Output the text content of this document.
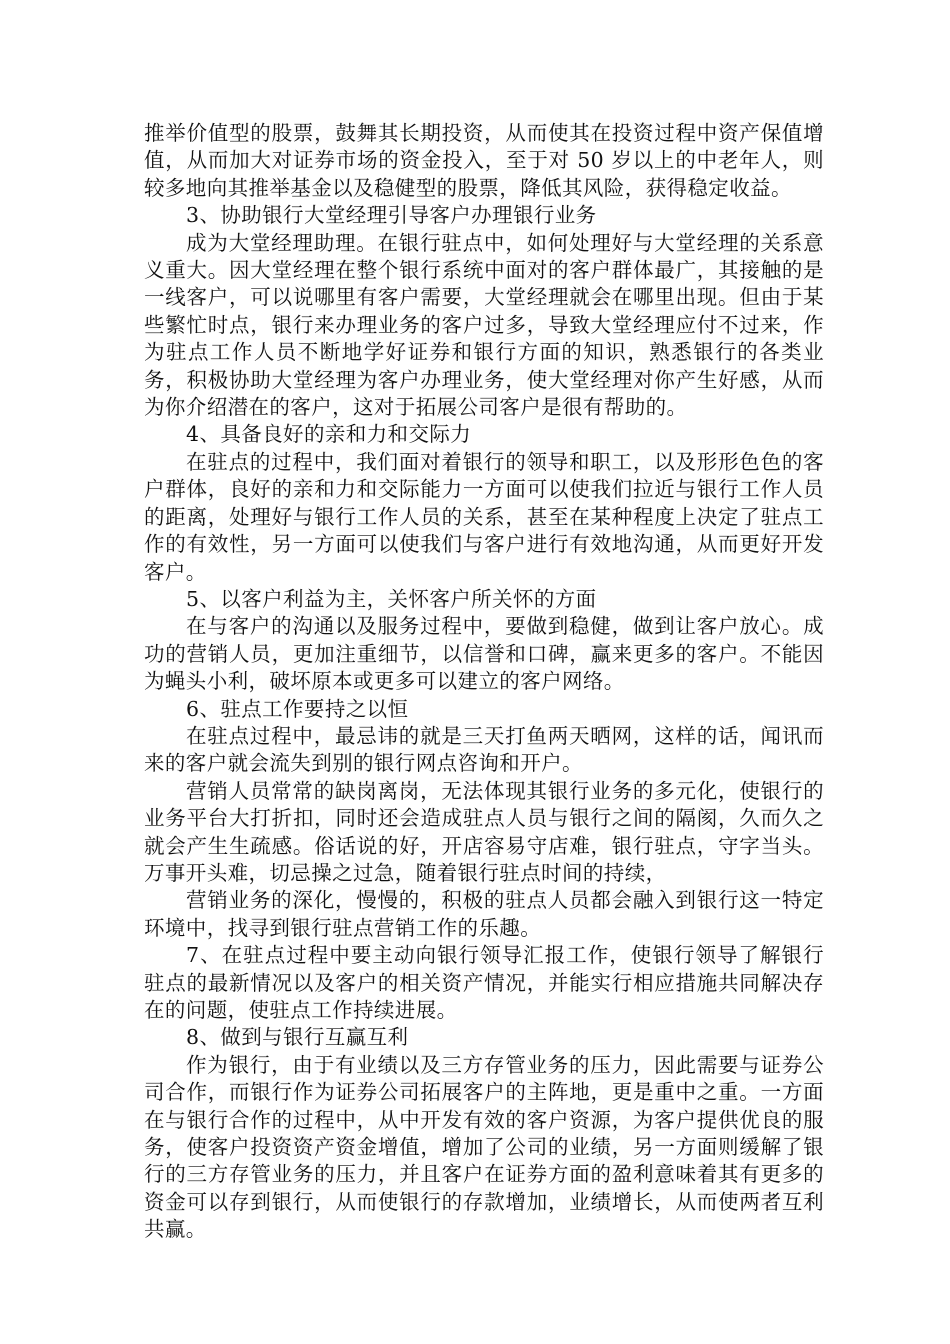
推举价值型的股票，鼓舞其长期投资，从而使其在投资过程中资产保值增值，从而加大对证券市场的资金投入，至于对 50 岁以上的中老年人，则较多地向其推举基金以及稳健型的股票，降低其风险，获得稳定收益。

3、协助银行大堂经理引导客户办理银行业务

成为大堂经理助理。在银行驻点中，如何处理好与大堂经理的关系意义重大。因大堂经理在整个银行系统中面对的客户群体最广，其接触的是一线客户，可以说哪里有客户需要，大堂经理就会在哪里出现。但由于某些繁忙时点，银行来办理业务的客户过多，导致大堂经理应付不过来，作为驻点工作人员不断地学好证券和银行方面的知识，熟悉银行的各类业务，积极协助大堂经理为客户办理业务，使大堂经理对你产生好感，从而为你介绍潜在的客户，这对于拓展公司客户是很有帮助的。

4、具备良好的亲和力和交际力

在驻点的过程中，我们面对着银行的领导和职工，以及形形色色的客户群体，良好的亲和力和交际能力一方面可以使我们拉近与银行工作人员的距离，处理好与银行工作人员的关系，甚至在某种程度上决定了驻点工作的有效性，另一方面可以使我们与客户进行有效地沟通，从而更好开发客户。

5、以客户利益为主，关怀客户所关怀的方面

在与客户的沟通以及服务过程中，要做到稳健，做到让客户放心。成功的营销人员，更加注重细节，以信誉和口碑，赢来更多的客户。不能因为蝇头小利，破坏原本或更多可以建立的客户网络。

6、驻点工作要持之以恒

在驻点过程中，最忌讳的就是三天打鱼两天晒网，这样的话，闻讯而来的客户就会流失到别的银行网点咨询和开户。

营销人员常常的缺岗离岗，无法体现其银行业务的多元化，使银行的业务平台大打折扣，同时还会造成驻点人员与银行之间的隔阂，久而久之就会产生生疏感。俗话说的好，开店容易守店难，银行驻点，守字当头。万事开头难，切忌操之过急，随着银行驻点时间的持续，

营销业务的深化，慢慢的，积极的驻点人员都会融入到银行这一特定环境中，找寻到银行驻点营销工作的乐趣。

7、在驻点过程中要主动向银行领导汇报工作，使银行领导了解银行驻点的最新情况以及客户的相关资产情况，并能实行相应措施共同解决存在的问题，使驻点工作持续进展。

8、做到与银行互赢互利

作为银行，由于有业绩以及三方存管业务的压力，因此需要与证券公司合作，而银行作为证券公司拓展客户的主阵地，更是重中之重。一方面在与银行合作的过程中，从中开发有效的客户资源，为客户提供优良的服务，使客户投资资产资金增值，增加了公司的业绩，另一方面则缓解了银行的三方存管业务的压力，并且客户在证券方面的盈利意味着其有更多的资金可以存到银行，从而使银行的存款增加，业绩增长，从而使两者互利共赢。
